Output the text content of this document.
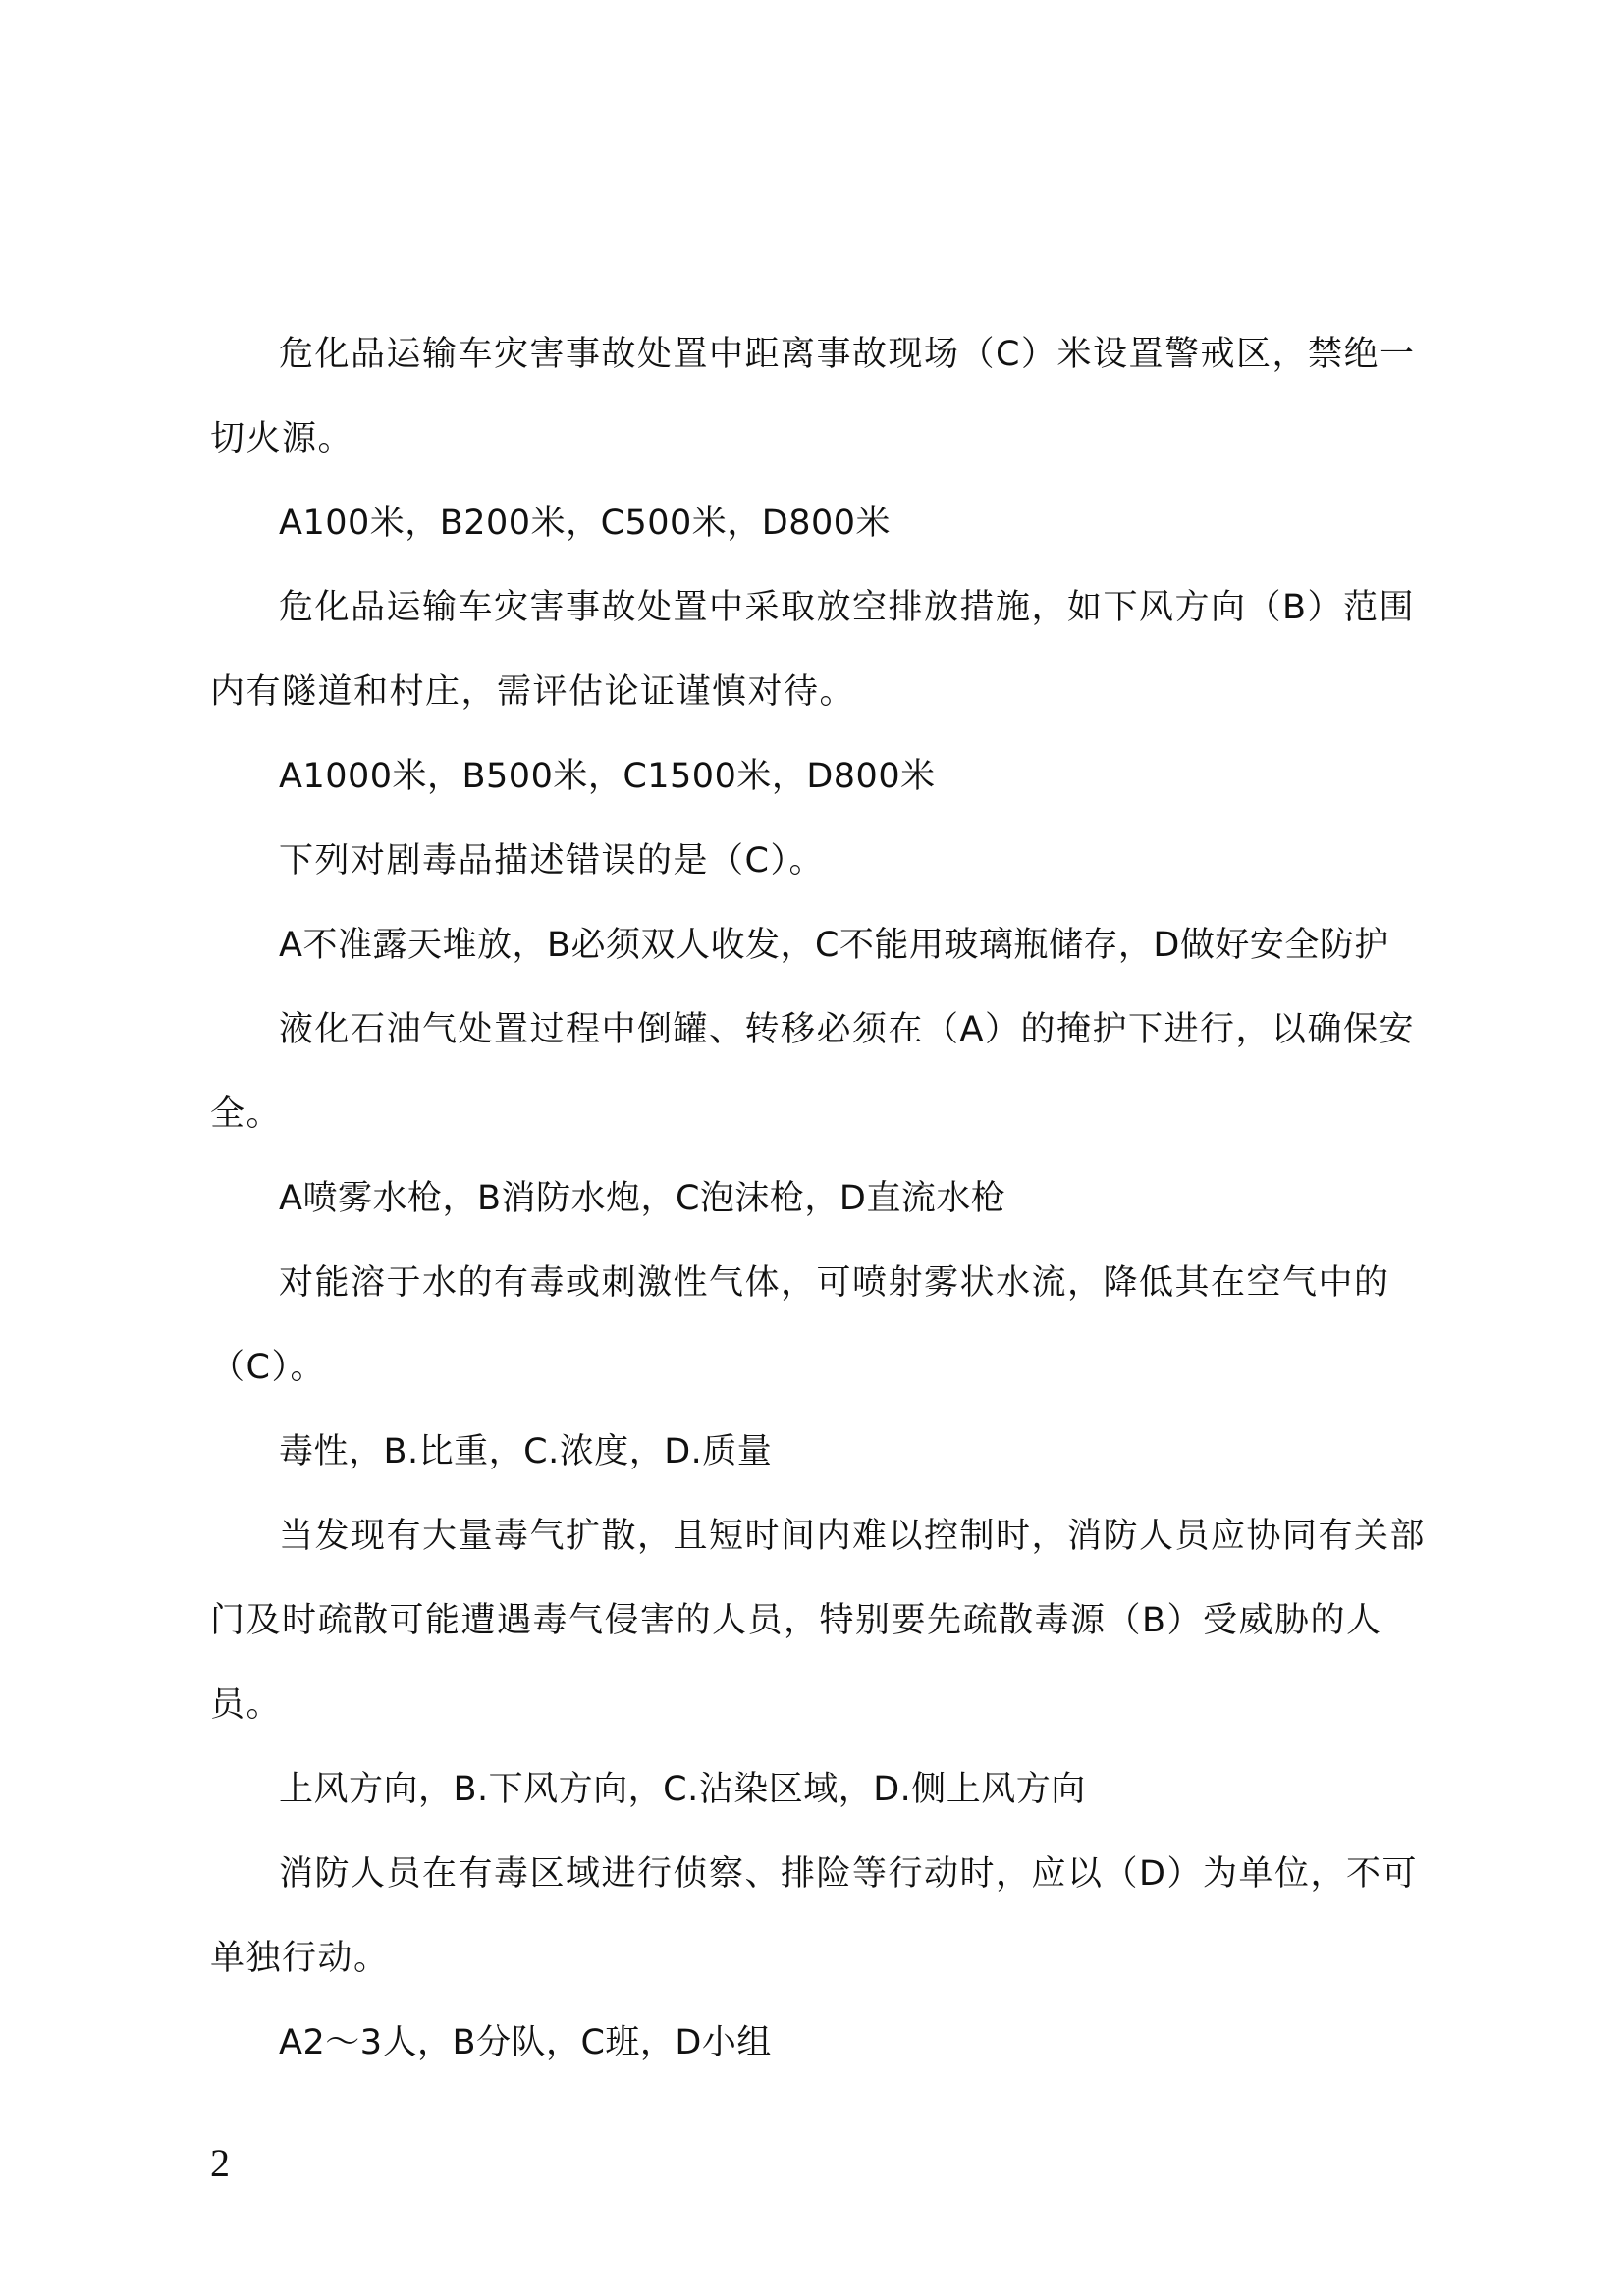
危化品运输车灾害事故处置中距离事故现场（C）米设置警戒区，禁绝一切火源。

A100米，B200米，C500米，D800米

危化品运输车灾害事故处置中采取放空排放措施，如下风方向（B）范围内有隧道和村庄，需评估论证谨慎对待。

A1000米，B500米，C1500米，D800米

下列对剧毒品描述错误的是（C）。

A不准露天堆放，B必须双人收发，C不能用玻璃瓶储存，D做好安全防护

液化石油气处置过程中倒罐、转移必须在（A）的掩护下进行，以确保安全。

A喷雾水枪，B消防水炮，C泡沫枪，D直流水枪

对能溶于水的有毒或刺激性气体，可喷射雾状水流，降低其在空气中的（C）。

毒性，B.比重，C.浓度，D.质量

当发现有大量毒气扩散，且短时间内难以控制时，消防人员应协同有关部门及时疏散可能遭遇毒气侵害的人员，特别要先疏散毒源（B）受威胁的人员。

上风方向，B.下风方向，C.沾染区域，D.侧上风方向

消防人员在有毒区域进行侦察、排险等行动时，应以（D）为单位，不可单独行动。

A2～3人，B分队，C班，D小组

2
